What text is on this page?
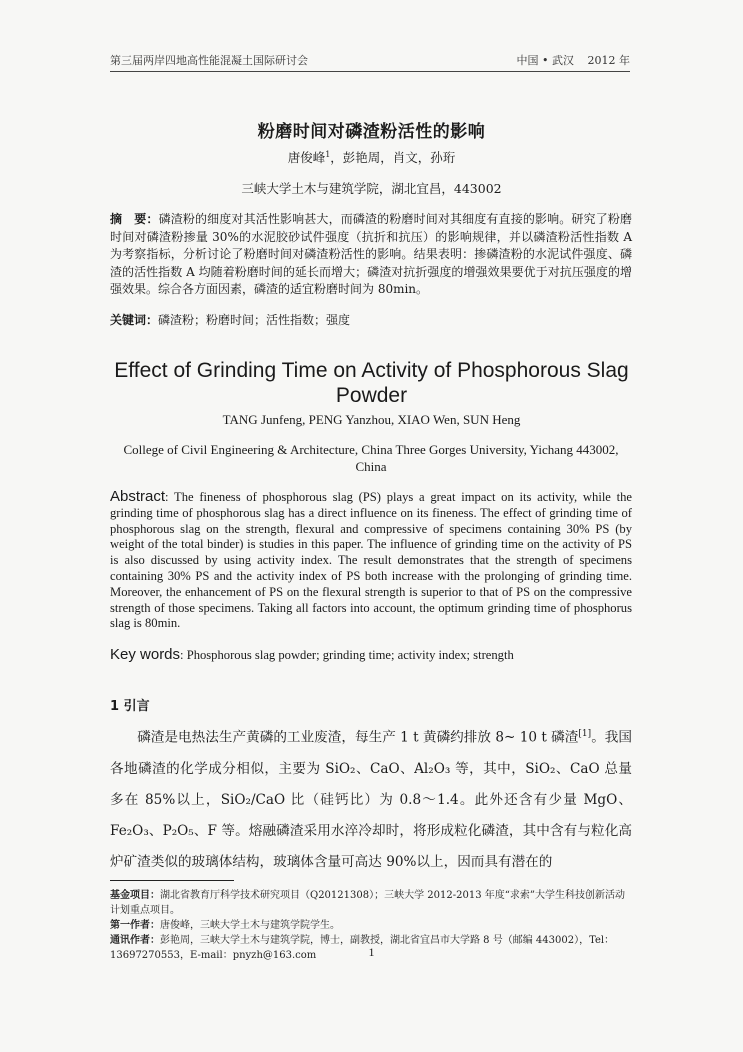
第三届两岸四地高性能混凝土国际研讨会	中国 • 武汉 2012 年
粉磨时间对磷渣粉活性的影响
唐俊峰$^1$，彭艳周，肖文，孙珩
三峡大学土木与建筑学院，湖北宜昌，443002
摘　要：磷渣粉的细度对其活性影响甚大，而磷渣的粉磨时间对其细度有直接的影响。研究了粉磨时间对磷渣粉掺量 30%的水泥胶砂试件强度（抗折和抗压）的影响规律，并以磷渣粉活性指数 A 为考察指标，分析讨论了粉磨时间对磷渣粉活性的影响。结果表明：掺磷渣粉的水泥试件强度、磷渣的活性指数 A 均随着粉磨时间的延长而增大；磷渣对抗折强度的增强效果要优于对抗压强度的增强效果。综合各方面因素，磷渣的适宜粉磨时间为 80min。
关键词：磷渣粉；粉磨时间；活性指数；强度
Effect of Grinding Time on Activity of Phosphorous Slag Powder
TANG Junfeng, PENG Yanzhou, XIAO Wen, SUN Heng
College of Civil Engineering & Architecture, China Three Gorges University, Yichang 443002, China
Abstract: The fineness of phosphorous slag (PS) plays a great impact on its activity, while the grinding time of phosphorous slag has a direct influence on its fineness. The effect of grinding time of phosphorous slag on the strength, flexural and compressive of specimens containing 30% PS (by weight of the total binder) is studies in this paper. The influence of grinding time on the activity of PS is also discussed by using activity index. The result demonstrates that the strength of specimens containing 30% PS and the activity index of PS both increase with the prolonging of grinding time. Moreover, the enhancement of PS on the flexural strength is superior to that of PS on the compressive strength of those specimens. Taking all factors into account, the optimum grinding time of phosphorus slag is 80min.
Key words: Phosphorous slag powder; grinding time; activity index; strength
1 引言

磷渣是电热法生产黄磷的工业废渣，每生产 1 t 黄磷约排放 8~ 10 t 磷渣[1]。我国各地磷渣的化学成分相似，主要为 SiO₂、CaO、Al₂O₃ 等，其中，SiO₂、CaO 总量多在 85%以上，SiO₂/CaO 比（硅钙比）为 0.8～1.4。此外还含有少量 MgO、Fe₂O₃、P₂O₅、F 等。熔融磷渣采用水淬冷却时，将形成粒化磷渣，其中含有与粒化高炉矿渣类似的玻璃体结构，玻璃体含量可高达 90%以上，因而具有潜在的

基金项目：湖北省教育厅科学技术研究项目（Q20121308）；三峡大学 2012-2013 年度“求索”大学生科技创新活动计划重点项目。
第一作者：唐俊峰，三峡大学土木与建筑学院学生。
通讯作者：彭艳周，三峡大学土木与建筑学院，博士，副教授，湖北省宜昌市大学路 8 号（邮编 443002），Tel：13697270553，E-mail：pnyzh@163.com	1
